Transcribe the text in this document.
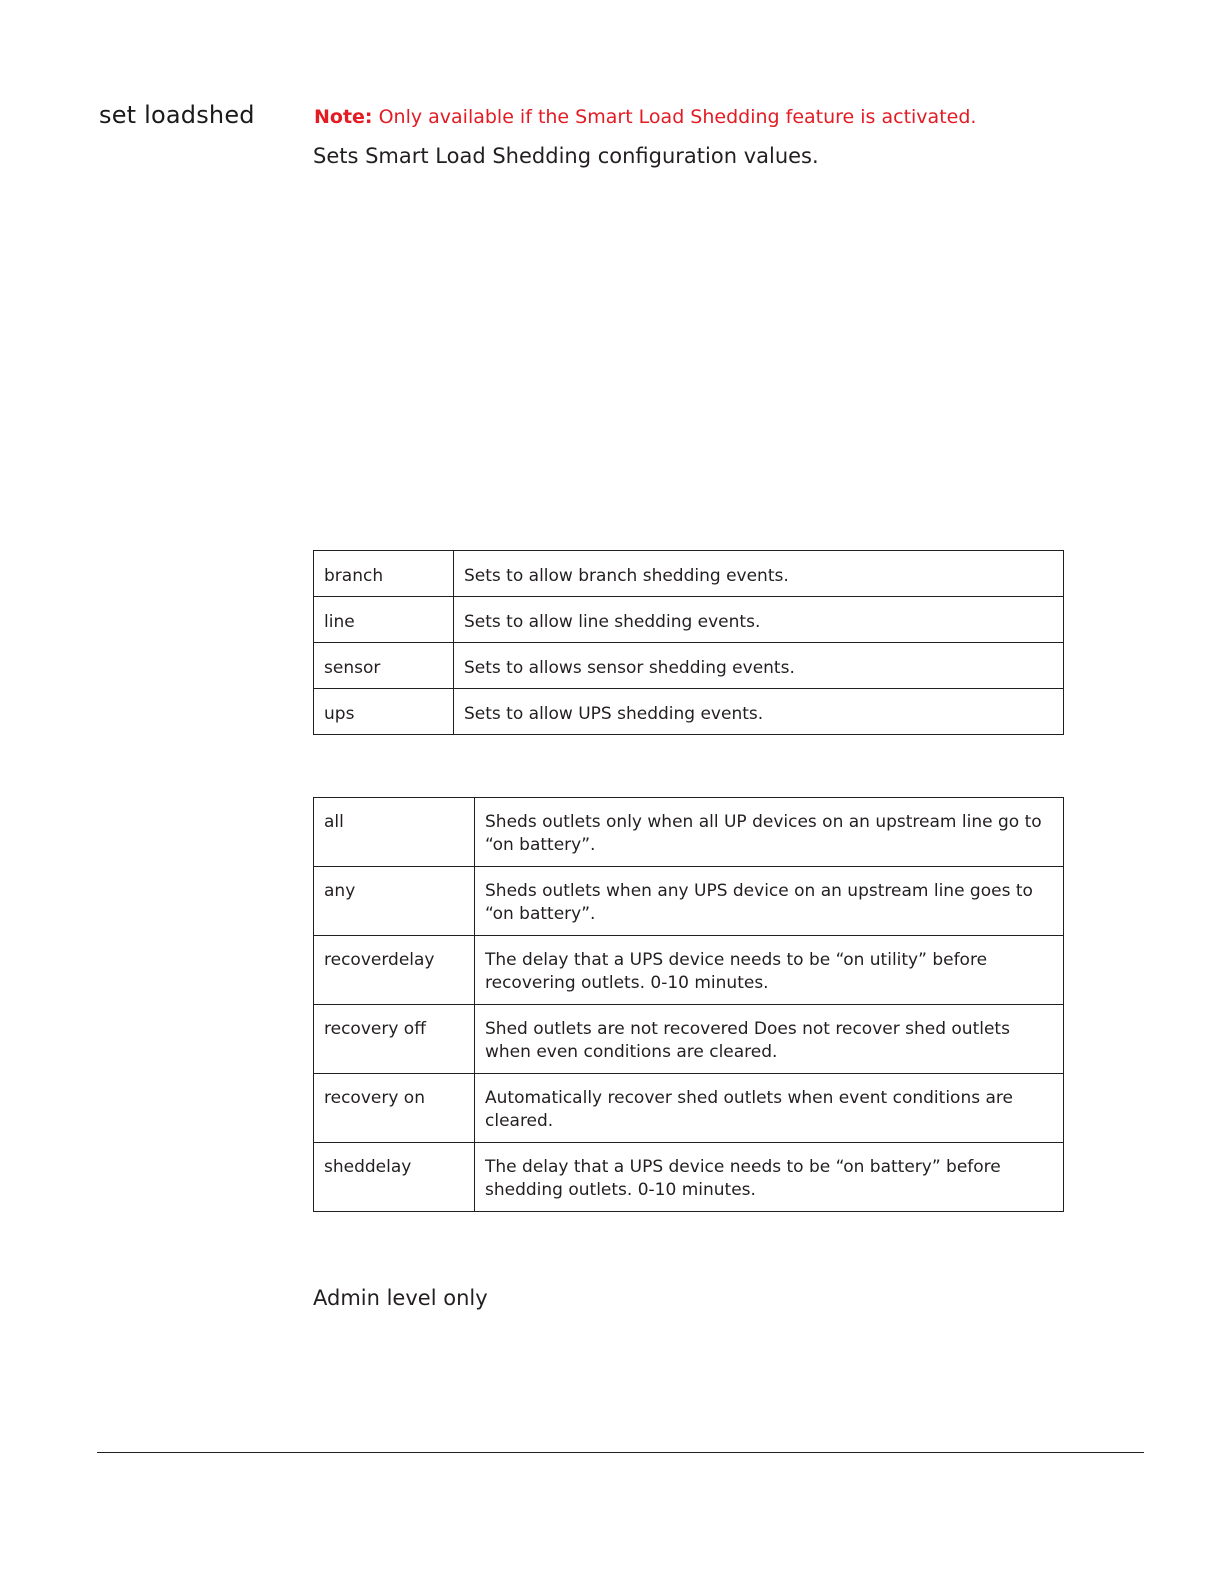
set loadshed	Note: Only available if the Smart Load Shedding feature is activated.
Sets Smart Load Shedding configuration values.
branch	Sets to allow branch shedding events.
line	Sets to allow line shedding events.
sensor	Sets to allows sensor shedding events.
ups	Sets to allow UPS shedding events.
all	Sheds outlets only when all UP devices on an upstream line go to “on battery”.
any	Sheds outlets when any UPS device on an upstream line goes to “on battery”.
recoverdelay	The delay that a UPS device needs to be “on utility” before recovering outlets. 0-10 minutes.
recovery off	Shed outlets are not recovered Does not recover shed outlets when even conditions are cleared.
recovery on	Automatically recover shed outlets when event conditions are cleared.
sheddelay	The delay that a UPS device needs to be “on battery” before shedding outlets. 0-10 minutes.
Admin level only
